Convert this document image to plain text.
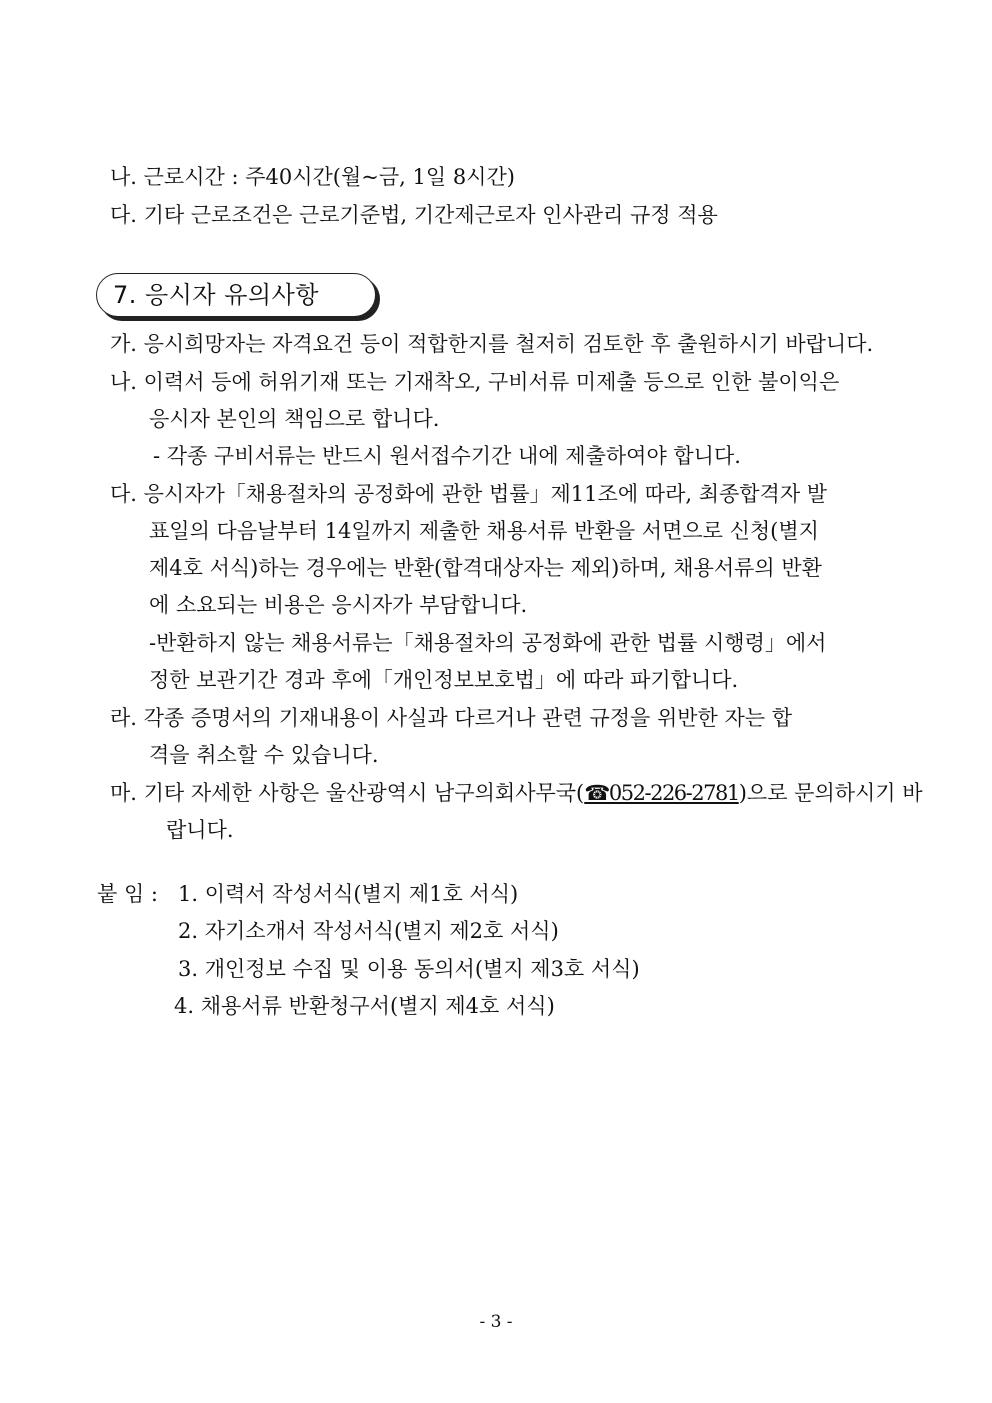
나. 근로시간 : 주40시간(월~금, 1일 8시간)
다. 기타 근로조건은 근로기준법, 기간제근로자 인사관리 규정 적용
7. 응시자 유의사항
가. 응시희망자는 자격요건 등이 적합한지를 철저히 검토한 후 출원하시기 바랍니다.
나. 이력서 등에 허위기재 또는 기재착오, 구비서류 미제출 등으로 인한 불이익은
응시자 본인의 책임으로 합니다.
- 각종 구비서류는 반드시 원서접수기간 내에 제출하여야 합니다.
다. 응시자가「채용절차의 공정화에 관한 법률」제11조에 따라, 최종합격자 발
표일의 다음날부터 14일까지 제출한 채용서류 반환을 서면으로 신청(별지
제4호 서식)하는 경우에는 반환(합격대상자는 제외)하며, 채용서류의 반환
에 소요되는 비용은 응시자가 부담합니다.
-반환하지 않는 채용서류는「채용절차의 공정화에 관한 법률 시행령」에서
정한 보관기간 경과 후에「개인정보보호법」에 따라 파기합니다.
라. 각종 증명서의 기재내용이 사실과 다르거나 관련 규정을 위반한 자는 합
격을 취소할 수 있습니다.
마. 기타 자세한 사항은 울산광역시 남구의회사무국(☎052-226-2781)으로 문의하시기 바
랍니다.
붙 임 : 1. 이력서 작성서식(별지 제1호 서식)
2. 자기소개서 작성서식(별지 제2호 서식)
3. 개인정보 수집 및 이용 동의서(별지 제3호 서식)
4. 채용서류 반환청구서(별지 제4호 서식)
- 3 -
